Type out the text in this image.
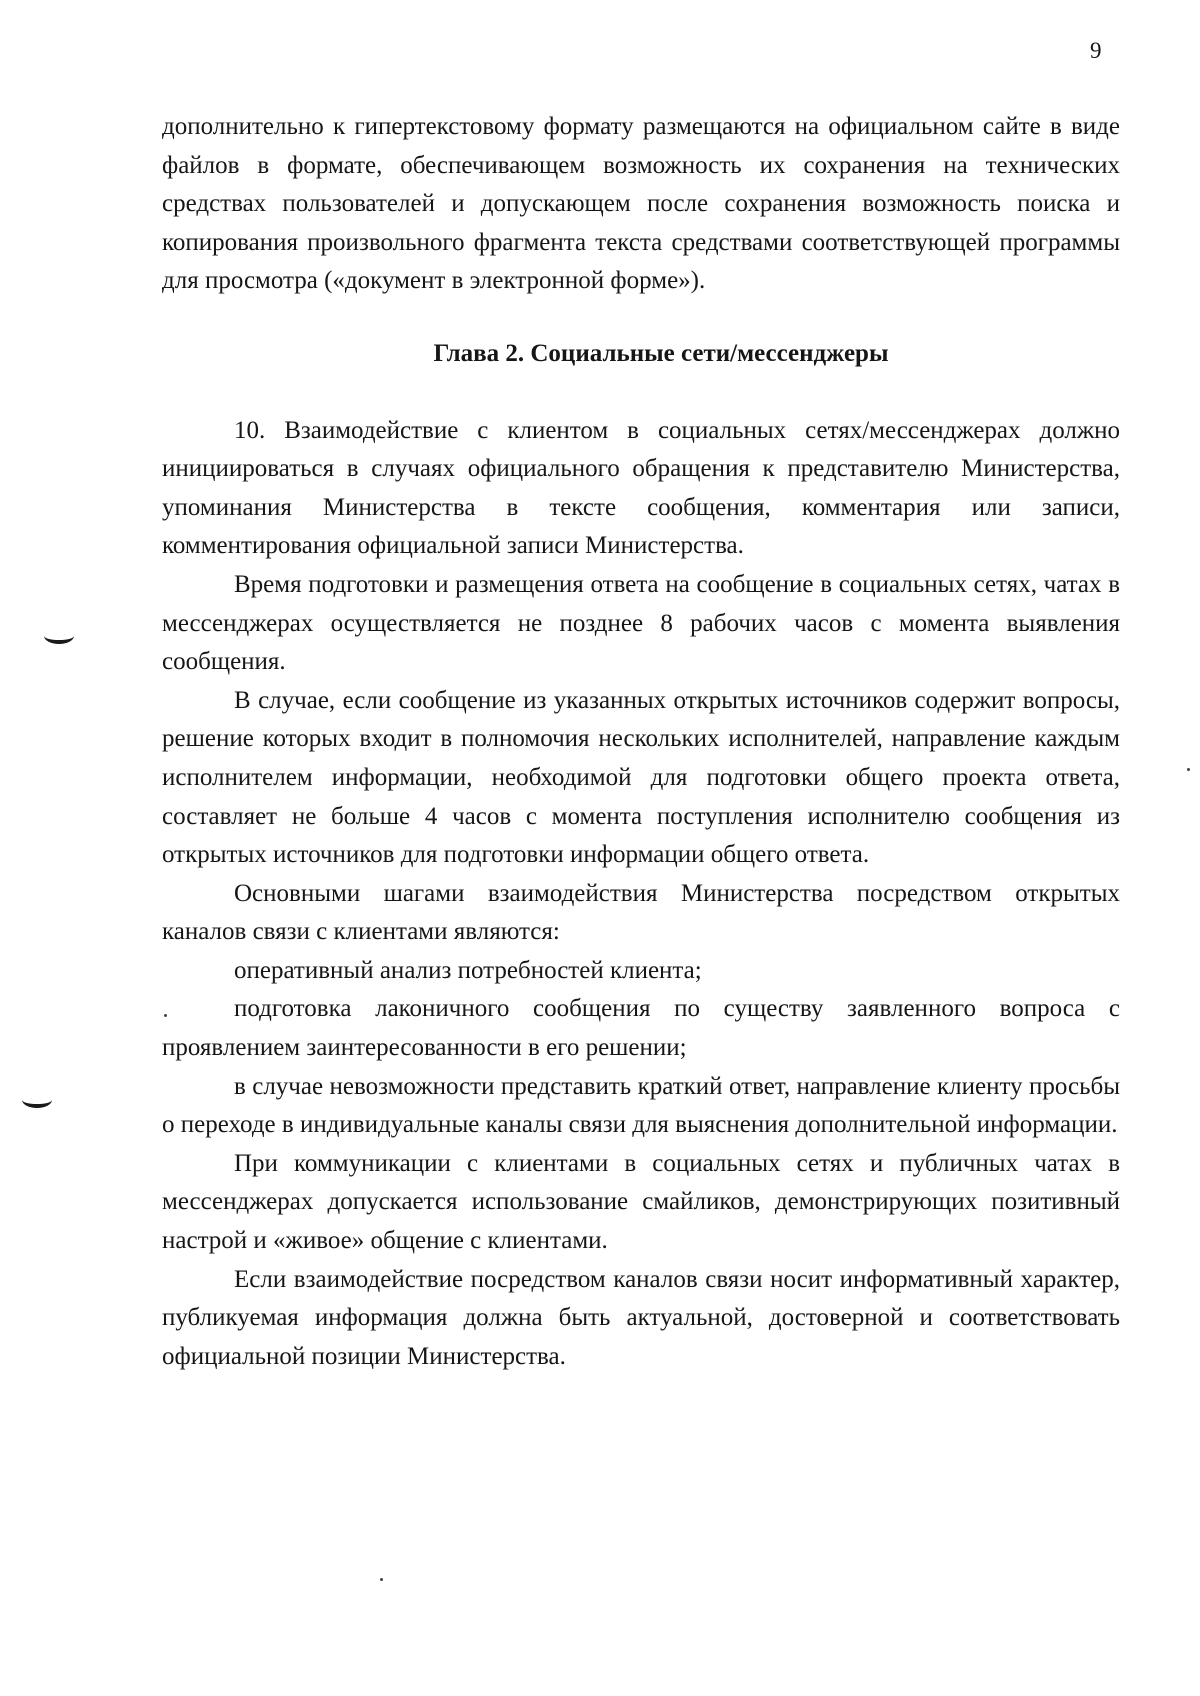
9

дополнительно к гипертекстовому формату размещаются на официальном сайте в виде файлов в формате, обеспечивающем возможность их сохранения на технических средствах пользователей и допускающем после сохранения возможность поиска и копирования произвольного фрагмента текста средствами соответствующей программы для просмотра («документ в электронной форме»).

Глава 2. Социальные сети/мессенджеры

10. Взаимодействие с клиентом в социальных сетях/мессенджерах должно инициироваться в случаях официального обращения к представителю Министерства, упоминания Министерства в тексте сообщения, комментария или записи, комментирования официальной записи Министерства.

Время подготовки и размещения ответа на сообщение в социальных сетях, чатах в мессенджерах осуществляется не позднее 8 рабочих часов с момента выявления сообщения.

В случае, если сообщение из указанных открытых источников содержит вопросы, решение которых входит в полномочия нескольких исполнителей, направление каждым исполнителем информации, необходимой для подготовки общего проекта ответа, составляет не больше 4 часов с момента поступления исполнителю сообщения из открытых источников для подготовки информации общего ответа.

Основными шагами взаимодействия Министерства посредством открытых каналов связи с клиентами являются:

оперативный анализ потребностей клиента;

подготовка лаконичного сообщения по существу заявленного вопроса с проявлением заинтересованности в его решении;

в случае невозможности представить краткий ответ, направление клиенту просьбы о переходе в индивидуальные каналы связи для выяснения дополнительной информации.

При коммуникации с клиентами в социальных сетях и публичных чатах в мессенджерах допускается использование смайликов, демонстрирующих позитивный настрой и «живое» общение с клиентами.

Если взаимодействие посредством каналов связи носит информативный характер, публикуемая информация должна быть актуальной, достоверной и соответствовать официальной позиции Министерства.
